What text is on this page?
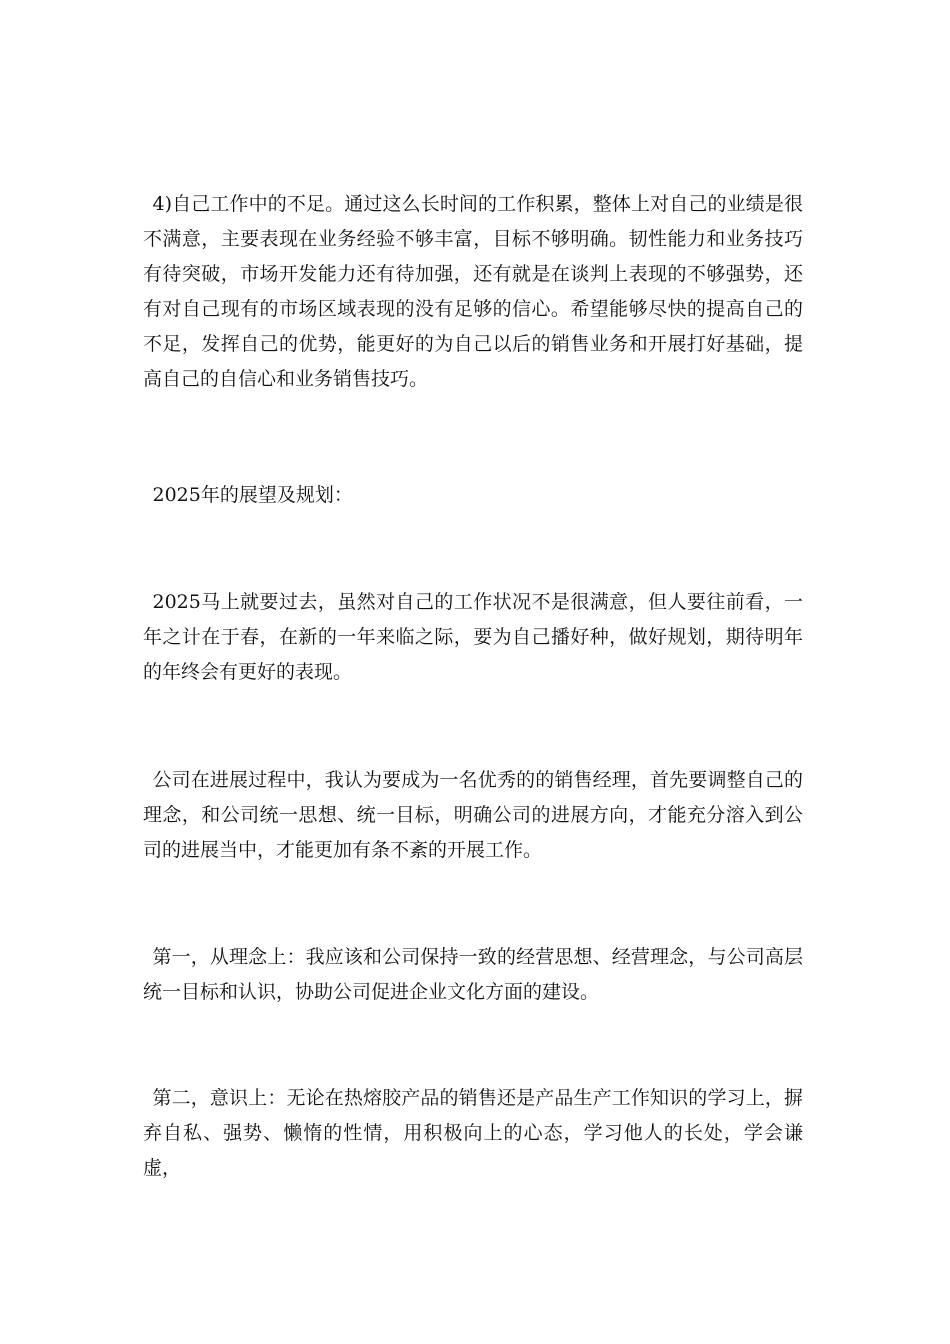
4)自己工作中的不足。通过这么长时间的工作积累，整体上对自己的业绩是很不满意，主要表现在业务经验不够丰富，目标不够明确。韧性能力和业务技巧有待突破，市场开发能力还有待加强，还有就是在谈判上表现的不够强势，还有对自己现有的市场区域表现的没有足够的信心。希望能够尽快的提高自己的不足，发挥自己的优势，能更好的为自己以后的销售业务和开展打好基础，提高自己的自信心和业务销售技巧。

2025年的展望及规划：

2025马上就要过去，虽然对自己的工作状况不是很满意，但人要往前看，一年之计在于春，在新的一年来临之际，要为自己播好种，做好规划，期待明年的年终会有更好的表现。

公司在进展过程中，我认为要成为一名优秀的的销售经理，首先要调整自己的理念，和公司统一思想、统一目标，明确公司的进展方向，才能充分溶入到公司的进展当中，才能更加有条不紊的开展工作。

第一，从理念上：我应该和公司保持一致的经营思想、经营理念，与公司高层统一目标和认识，协助公司促进企业文化方面的建设。

第二，意识上：无论在热熔胶产品的销售还是产品生产工作知识的学习上，摒弃自私、强势、懒惰的性情，用积极向上的心态，学习他人的长处，学会谦虚，
